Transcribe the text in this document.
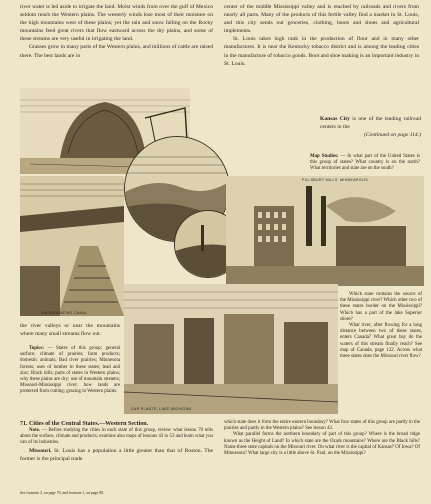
river water is led aside to irrigate the land. Moist winds from over the gulf of Mexico seldom reach the Western plains. The westerly winds lose most of their moisture on the high mountains west of these plains; yet the rain and snow falling on the Rocky mountains feed great rivers that flow eastward across the dry plains, and some of these streams are very useful in irrigating the land.

Grasses grow in many parts of the Western plains, and millions of cattle are raised there. The best lands are in

center of the middle Mississippi valley and is reached by railroads and rivers from nearly all parts. Many of the products of this fertile valley find a market in St. Louis, and this city sends out groceries, clothing, boots and shoes and agricultural implements.

St. Louis takes high rank in the production of flour and in many other manufactures. It is near the Kentucky tobacco district and is among the leading cities in the manufacture of tobacco goods. Boot and shoe making is an important industry in St. Louis.

Kansas City is one of the leading railroad centers in the

(Continued on page 114.)

Map Studies: — In what part of the United States is this group of states? What country is on the north? What territories and state are on the south?

AN IRRIGATING CANAL
PILLSBURY MILLS, MINNEAPOLIS

the river valleys or near the mountains where many small streams flow out.

Topics: — States of this group; general surface; climate of prairies; farm products; domestic animals; Bad river prairies; Minnesota forests; uses of lumber in these states; lead and zinc; Black hills; parts of states in Western plains; why these plains are dry; use of mountain streams; Missouri-Mississippi river; how lands are protected from cutting; grazing in Western plains.

CAR PLANTS, LAKE MICHIGAN

Which state contains the source of the Mississippi river? Which other two of these states border on the Mississippi? Which has a part of the lake Superior shore?

What river, after flowing for a long distance between two of these states, enters Canada? What great bay do the waters of this stream finally reach? See map of Canada, page 122. Across what three states does the Missouri river flow?

71. Cities of the Central States.—Western Section.

Note. — Before studying the cities in each state of this group, review what lesson 70 tells about the surface, climate and products; examine also maps of lessons 43 to 53 and learn what you can of its industries.

Missouri. St. Louis has a population a little greater than that of Boston. The former is the principal trade

which state does it form the entire eastern boundary? What four states of this group are partly in the prairies and partly in the Western plains? See lesson 43.

What parallel forms the northern boundary of part of this group? Where is the broad ridge known as the Height of Land? In which state are the Ozark mountains? Where are the Black hills? Name three state capitals on the Missouri river. On what river is the capital of Kansas? Of Iowa? Of Minnesota? What large city is a little above St. Paul, on the Mississippi?

See footnote 3, on page 70, and footnote 1, on page 88.
